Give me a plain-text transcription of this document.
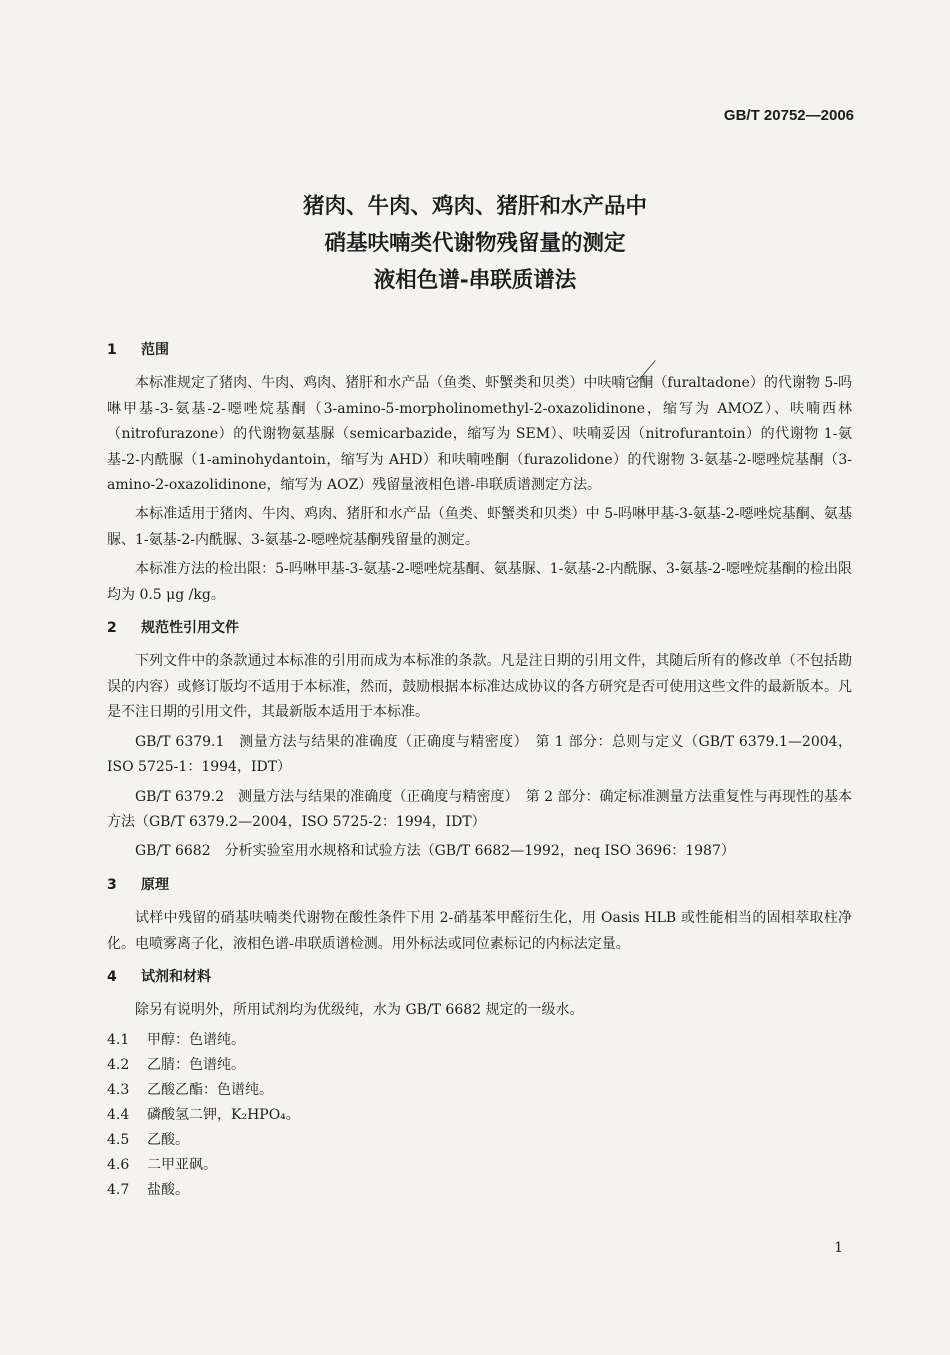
GB/T 20752—2006
猪肉、牛肉、鸡肉、猪肝和水产品中
硝基呋喃类代谢物残留量的测定
液相色谱-串联质谱法
1 范围

本标准规定了猪肉、牛肉、鸡肉、猪肝和水产品（鱼类、虾蟹类和贝类）中呋喃它酮（furaltadone）的代谢物 5-吗啉甲基-3-氨基-2-噁唑烷基酮（3-amino-5-morpholinomethyl-2-oxazolidinone，缩写为 AMOZ）、呋喃西林（nitrofurazone）的代谢物氨基脲（semicarbazide，缩写为 SEM）、呋喃妥因（nitrofurantoin）的代谢物 1-氨基-2-内酰脲（1-aminohydantoin，缩写为 AHD）和呋喃唑酮（furazolidone）的代谢物 3-氨基-2-噁唑烷基酮（3-amino-2-oxazolidinone，缩写为 AOZ）残留量液相色谱-串联质谱测定方法。

本标准适用于猪肉、牛肉、鸡肉、猪肝和水产品（鱼类、虾蟹类和贝类）中 5-吗啉甲基-3-氨基-2-噁唑烷基酮、氨基脲、1-氨基-2-内酰脲、3-氨基-2-噁唑烷基酮残留量的测定。

本标准方法的检出限：5-吗啉甲基-3-氨基-2-噁唑烷基酮、氨基脲、1-氨基-2-内酰脲、3-氨基-2-噁唑烷基酮的检出限均为 0.5 μg /kg。

2 规范性引用文件

下列文件中的条款通过本标准的引用而成为本标准的条款。凡是注日期的引用文件，其随后所有的修改单（不包括勘误的内容）或修订版均不适用于本标准，然而，鼓励根据本标准达成协议的各方研究是否可使用这些文件的最新版本。凡是不注日期的引用文件，其最新版本适用于本标准。

GB/T 6379.1　测量方法与结果的准确度（正确度与精密度）　第 1 部分：总则与定义（GB/T 6379.1—2004，ISO 5725-1：1994，IDT）

GB/T 6379.2　测量方法与结果的准确度（正确度与精密度）　第 2 部分：确定标准测量方法重复性与再现性的基本方法（GB/T 6379.2—2004，ISO 5725-2：1994，IDT）

GB/T 6682　分析实验室用水规格和试验方法（GB/T 6682—1992，neq ISO 3696：1987）

3 原理

试样中残留的硝基呋喃类代谢物在酸性条件下用 2-硝基苯甲醛衍生化，用 Oasis HLB 或性能相当的固相萃取柱净化。电喷雾离子化，液相色谱-串联质谱检测。用外标法或同位素标记的内标法定量。

4 试剂和材料

除另有说明外，所用试剂均为优级纯，水为 GB/T 6682 规定的一级水。

4.1 甲醇：色谱纯。
4.2 乙腈：色谱纯。
4.3 乙酸乙酯：色谱纯。
4.4 磷酸氢二钾，K₂HPO₄。
4.5 乙酸。
4.6 二甲亚砜。
4.7 盐酸。
1
